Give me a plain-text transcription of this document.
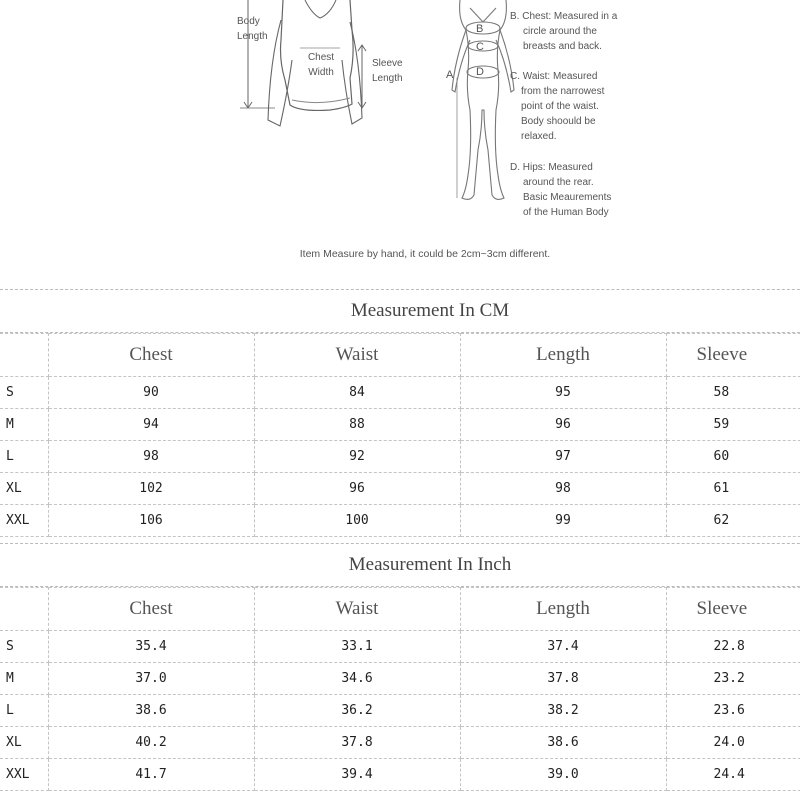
Body
Length
Chest
Width
Sleeve
Length	A
B
C
D
B. Chest: Measured in a
circle around the
breasts and back.
C. Waist: Measured
from the narrowest
point of the waist.
Body shoould be
relaxed.
D. Hips: Measured
around the rear.
Basic Meaurements
of the Human Body
Item Measure by hand, it could be 2cm~3cm different.
Measurement In CM
	Chest	Waist	Length	Sleeve
S	90	84	95	58
M	94	88	96	59
L	98	92	97	60
XL	102	96	98	61
XXL	106	100	99	62
Measurement In Inch
	Chest	Waist	Length	Sleeve
S	35.4	33.1	37.4	22.8
M	37.0	34.6	37.8	23.2
L	38.6	36.2	38.2	23.6
XL	40.2	37.8	38.6	24.0
XXL	41.7	39.4	39.0	24.4
